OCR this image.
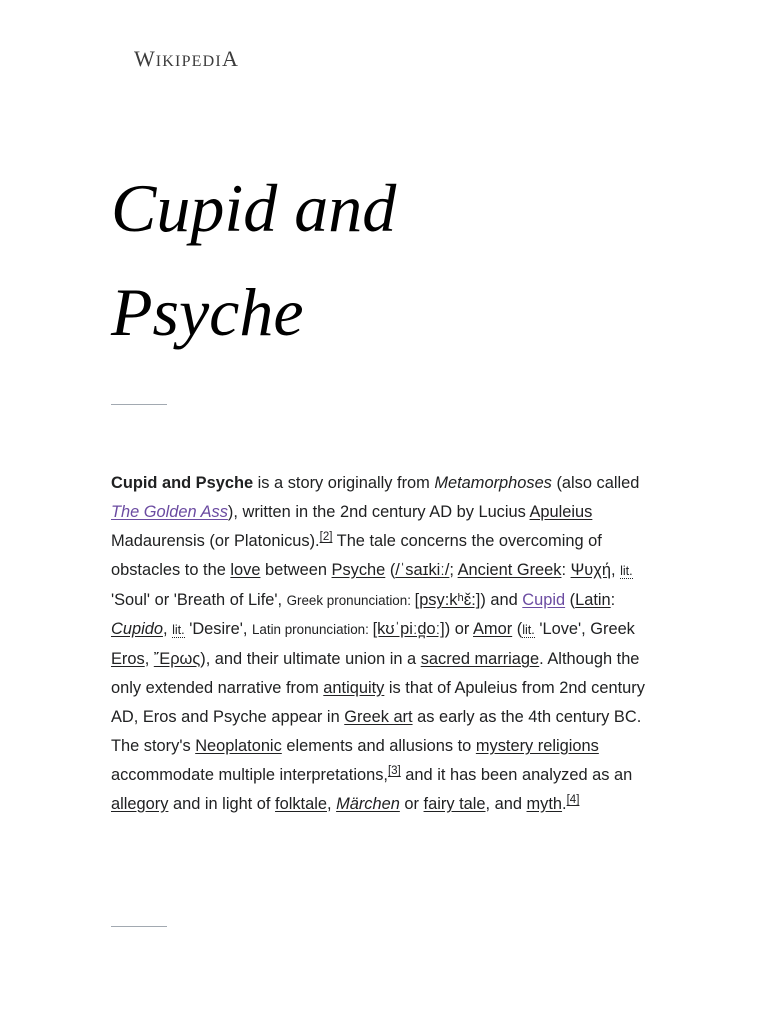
WIKIPEDIA
Cupid and
Psyche

Cupid and Psyche is a story originally from Metamorphoses (also called The Golden Ass), written in the 2nd century AD by Lucius Apuleius Madaurensis (or Platonicus).[2] The tale concerns the overcoming of obstacles to the love between Psyche (/ˈsaɪkiː/; Ancient Greek: Ψυχή, lit. 'Soul' or 'Breath of Life', Greek pronunciation: [psy:kʰɛ̌:]) and Cupid (Latin: Cupido, lit. 'Desire', Latin pronunciation: [kʊˈpiːd̪oː]) or Amor (lit. 'Love', Greek Eros, ῎Ερως), and their ultimate union in a sacred marriage. Although the only extended narrative from antiquity is that of Apuleius from 2nd century AD, Eros and Psyche appear in Greek art as early as the 4th century BC. The story's Neoplatonic elements and allusions to mystery religions accommodate multiple interpretations,[3] and it has been analyzed as an allegory and in light of folktale, Märchen or fairy tale, and myth.[4]
